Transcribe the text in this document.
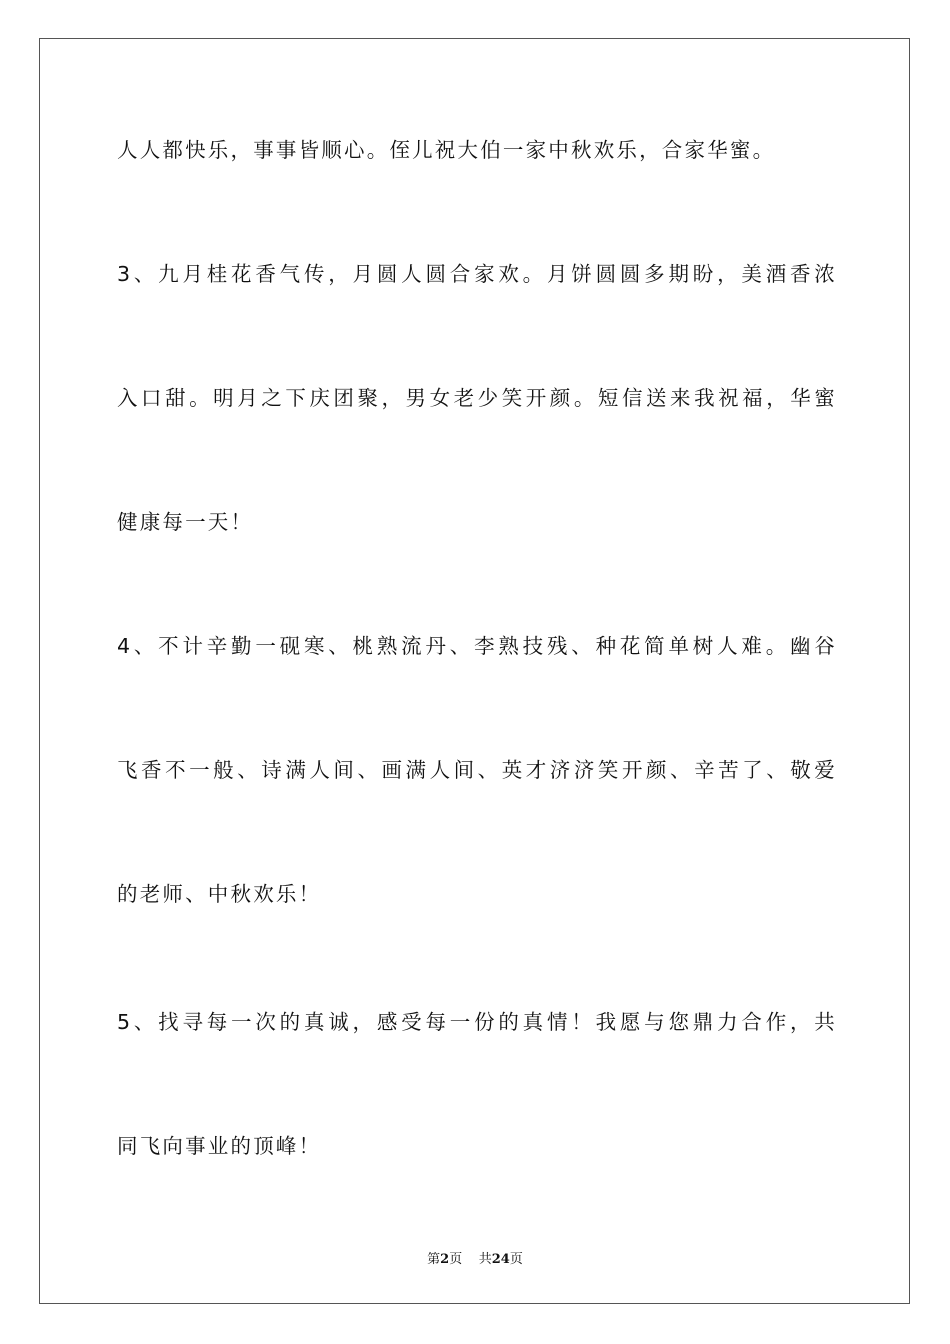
人人都快乐，事事皆顺心。侄儿祝大伯一家中秋欢乐，合家华蜜。
3、九月桂花香气传，月圆人圆合家欢。月饼圆圆多期盼，美酒香浓
入口甜。明月之下庆团聚，男女老少笑开颜。短信送来我祝福，华蜜
健康每一天！
4、不计辛勤一砚寒、桃熟流丹、李熟技残、种花简单树人难。幽谷
飞香不一般、诗满人间、画满人间、英才济济笑开颜、辛苦了、敬爱
的老师、中秋欢乐！
5、找寻每一次的真诚，感受每一份的真情！我愿与您鼎力合作，共
同飞向事业的顶峰！
第2页 共24页
